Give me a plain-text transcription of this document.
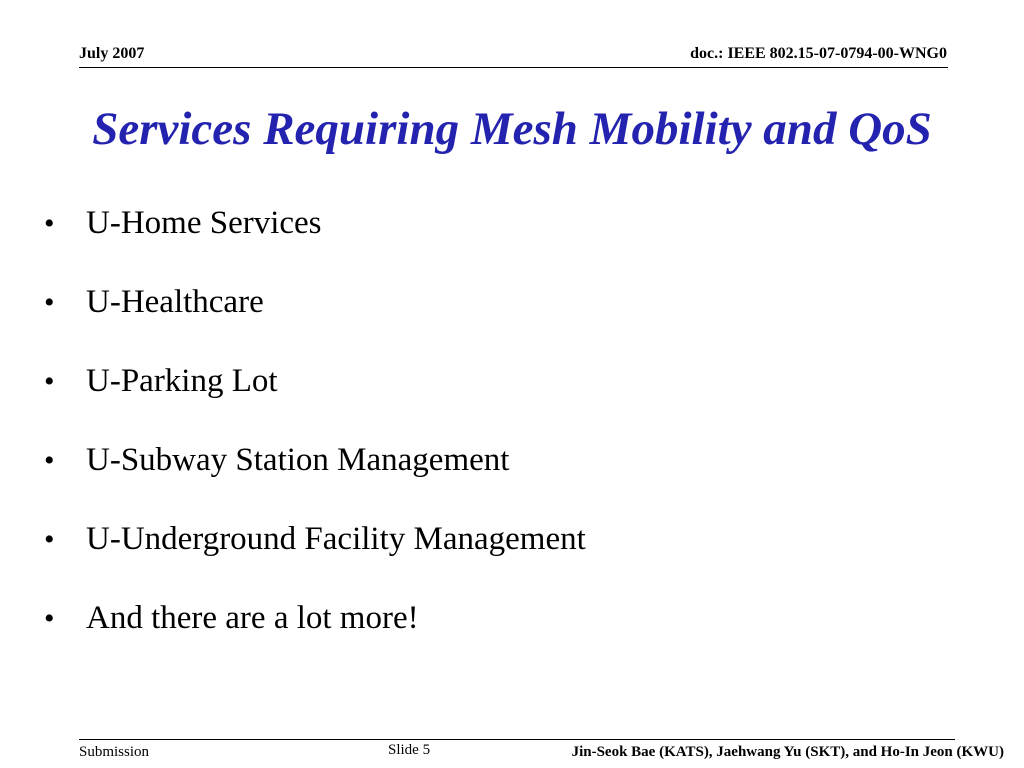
July 2007	doc.: IEEE 802.15-07-0794-00-WNG0
Services Requiring Mesh Mobility and QoS
• U-Home Services
• U-Healthcare
• U-Parking Lot
• U-Subway Station Management
• U-Underground Facility Management
• And there are a lot more!
Submission	Slide 5	Jin-Seok Bae (KATS), Jaehwang Yu (SKT), and Ho-In Jeon (KWU)
